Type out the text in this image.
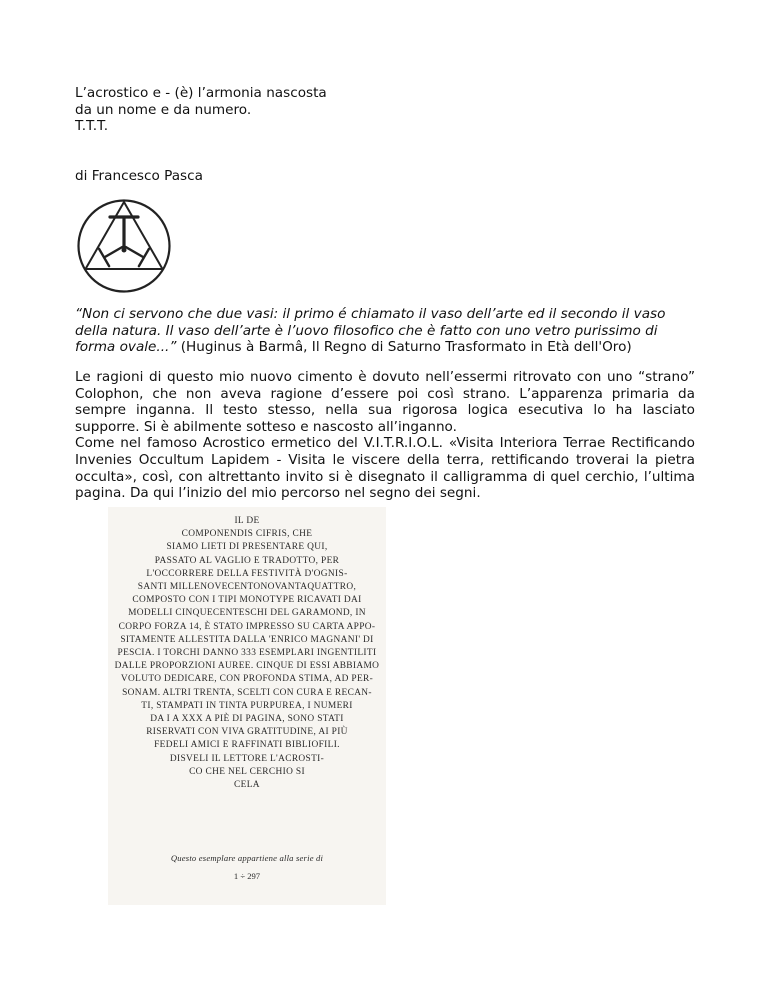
L’acrostico e - (è) l’armonia nascosta
da un nome e da numero.
T.T.T.
di Francesco Pasca
“Non ci servono che due vasi: il primo é chiamato il vaso dell’arte ed il secondo il vaso della natura. Il vaso dell’arte è l’uovo filosofico che è fatto con uno vetro purissimo di forma ovale...” (Huginus à Barmâ, Il Regno di Saturno Trasformato in Età dell'Oro)

Le ragioni di questo mio nuovo cimento è dovuto nell’essermi ritrovato con uno “strano” Colophon, che non aveva ragione d’essere poi così strano. L’apparenza primaria da sempre inganna. Il testo stesso, nella sua rigorosa logica esecutiva lo ha lasciato supporre. Si è abilmente sotteso e nascosto all’inganno.

Come nel famoso Acrostico ermetico del V.I.T.R.I.O.L. «Visita Interiora Terrae Rectificando Invenies Occultum Lapidem - Visita le viscere della terra, rettificando troverai la pietra occulta», così, con altrettanto invito si è disegnato il calligramma di quel cerchio, l’ultima pagina. Da qui l’inizio del mio percorso nel segno dei segni.

IL DE
COMPONENDIS CIFRIS, CHE
SIAMO LIETI DI PRESENTARE QUI,
PASSATO AL VAGLIO E TRADOTTO, PER
L'OCCORRERE DELLA FESTIVITÀ D'OGNIS-
SANTI MILLENOVECENTONOVANTAQUATTRO,
COMPOSTO CON I TIPI MONOTYPE RICAVATI DAI
MODELLI CINQUECENTESCHI DEL GARAMOND, IN
CORPO FORZA 14, È STATO IMPRESSO SU CARTA APPO-
SITAMENTE ALLESTITA DALLA 'ENRICO MAGNANI' DI
PESCIA. I TORCHI DANNO 333 ESEMPLARI INGENTILITI
DALLE PROPORZIONI AUREE. CINQUE DI ESSI ABBIAMO
VOLUTO DEDICARE, CON PROFONDA STIMA, AD PER-
SONAM. ALTRI TRENTA, SCELTI CON CURA E RECAN-
TI, STAMPATI IN TINTA PURPUREA, I NUMERI
DA I A XXX A PIÈ DI PAGINA, SONO STATI
RISERVATI CON VIVA GRATITUDINE, AI PIÙ
FEDELI AMICI E RAFFINATI BIBLIOFILI.
DISVELI IL LETTORE L'ACROSTI-
CO CHE NEL CERCHIO SI
CELA
Questo esemplare appartiene alla serie di
1 ÷ 297
